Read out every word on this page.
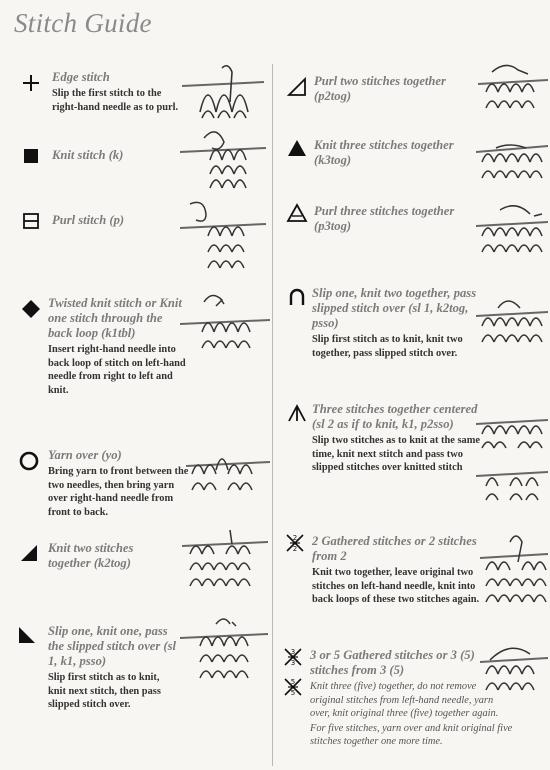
Stitch Guide

Edge stitch

Slip the first stitch to the right-hand needle as to purl.

Knit stitch (k)

Purl stitch (p)

Twisted knit stitch or Knit one stitch through the back loop (k1tbl)

Insert right-hand needle into back loop of stitch on left-hand needle from right to left and knit.

Yarn over (yo)

Bring yarn to front between the two needles, then bring yarn over right-hand needle from front to back.

Knit two stitches together (k2tog)

Slip one, knit one, pass the slipped stitch over (sl 1, k1, psso)

Slip first stitch as to knit, knit next stitch, then pass slipped stitch over.

Purl two stitches together (p2tog)

Knit three stitches together (k3tog)

Purl three stitches together (p3tog)

Slip one, knit two together, pass slipped stitch over (sl 1, k2tog, psso)

Slip first stitch as to knit, knit two together, pass slipped stitch over.

Three stitches together centered (sl 2 as if to knit, k1, p2sso)

Slip two stitches as to knit at the same time, knit next stitch and pass two slipped stitches over knitted stitch

2
2

2 Gathered stitches or 2 stitches from 2

Knit two together, leave original two stitches on left-hand needle, knit into back loops of these two stitches again.

3
3
5
5

3 or 5 Gathered stitches or 3 (5) stitches from 3 (5)

Knit three (five) together, do not remove original stitches from left-hand needle, yarn over, knit original three (five) together again.

For five stitches, yarn over and knit original five stitches together one more time.
